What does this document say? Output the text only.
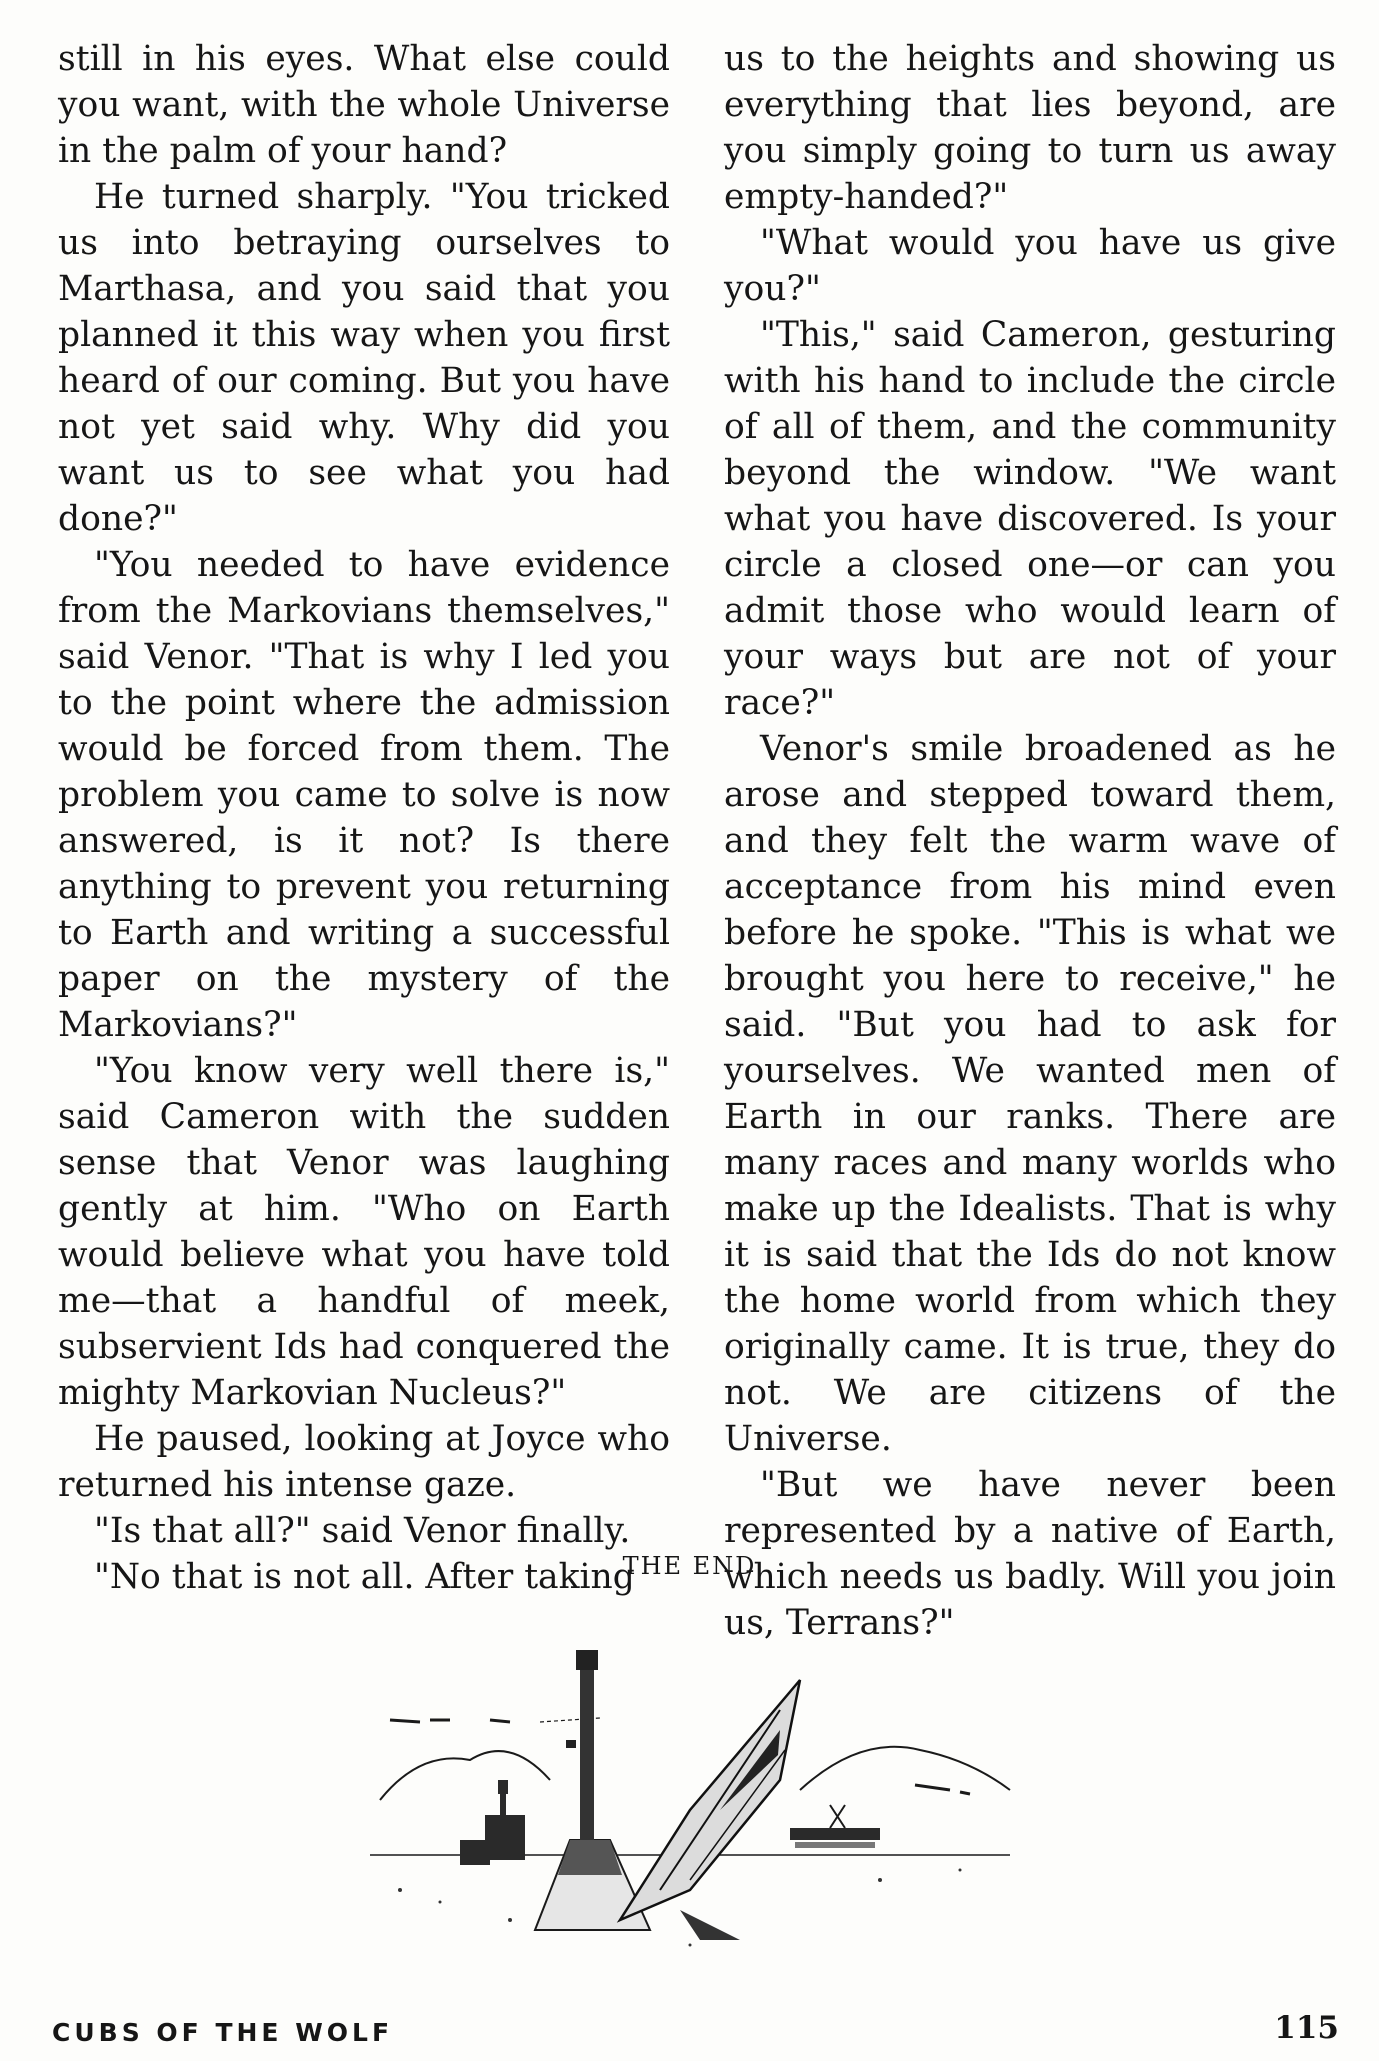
still in his eyes. What else could you want, with the whole Universe in the palm of your hand?

He turned sharply. "You tricked us into betraying ourselves to Marthasa, and you said that you planned it this way when you first heard of our coming. But you have not yet said why. Why did you want us to see what you had done?"

"You needed to have evidence from the Markovians themselves," said Venor. "That is why I led you to the point where the admission would be forced from them. The problem you came to solve is now answered, is it not? Is there anything to prevent you returning to Earth and writing a successful paper on the mystery of the Markovians?"

"You know very well there is," said Cameron with the sudden sense that Venor was laughing gently at him. "Who on Earth would believe what you have told me—that a handful of meek, subservient Ids had conquered the mighty Markovian Nucleus?"

He paused, looking at Joyce who returned his intense gaze.

"Is that all?" said Venor finally.

"No that is not all. After taking

us to the heights and showing us everything that lies beyond, are you simply going to turn us away empty-handed?"

"What would you have us give you?"

"This," said Cameron, gesturing with his hand to include the circle of all of them, and the community beyond the window. "We want what you have discovered. Is your circle a closed one—or can you admit those who would learn of your ways but are not of your race?"

Venor's smile broadened as he arose and stepped toward them, and they felt the warm wave of acceptance from his mind even before he spoke. "This is what we brought you here to receive," he said. "But you had to ask for yourselves. We wanted men of Earth in our ranks. There are many races and many worlds who make up the Idealists. That is why it is said that the Ids do not know the home world from which they originally came. It is true, they do not. We are citizens of the Universe.

"But we have never been represented by a native of Earth, which needs us badly. Will you join us, Terrans?"

THE END
CUBS OF THE WOLF	115
